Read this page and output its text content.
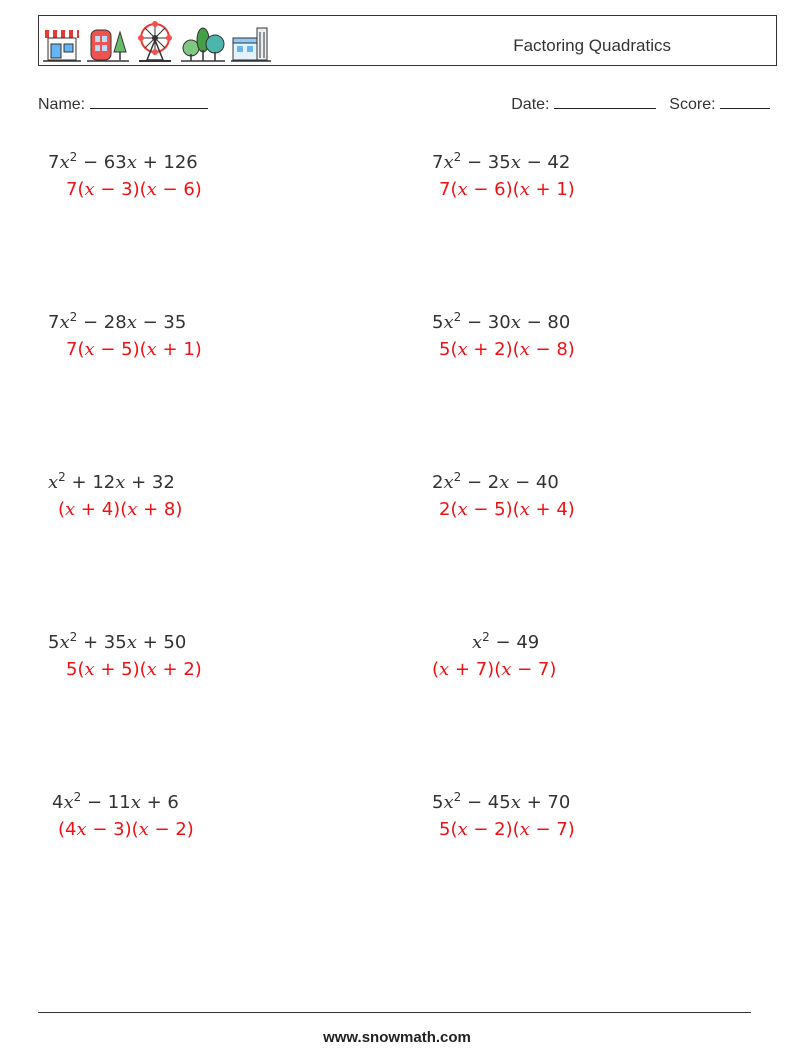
Factoring Quadratics
Name:	Date:	Score:
$7x^2 - 63x + 126$
7(x − 3)(x − 6)
$7x^2 - 35x - 42$
7(x − 6)(x + 1)
$7x^2 - 28x - 35$
7(x − 5)(x + 1)
$5x^2 - 30x - 80$
5(x + 2)(x − 8)
$x^2 + 12x + 32$
(x + 4)(x + 8)
$2x^2 - 2x - 40$
2(x − 5)(x + 4)
$5x^2 + 35x + 50$
5(x + 5)(x + 2)
$x^2 - 49$
(x + 7)(x − 7)
$4x^2 - 11x + 6$
(4x − 3)(x − 2)
$5x^2 - 45x + 70$
5(x − 2)(x − 7)
www.snowmath.com
